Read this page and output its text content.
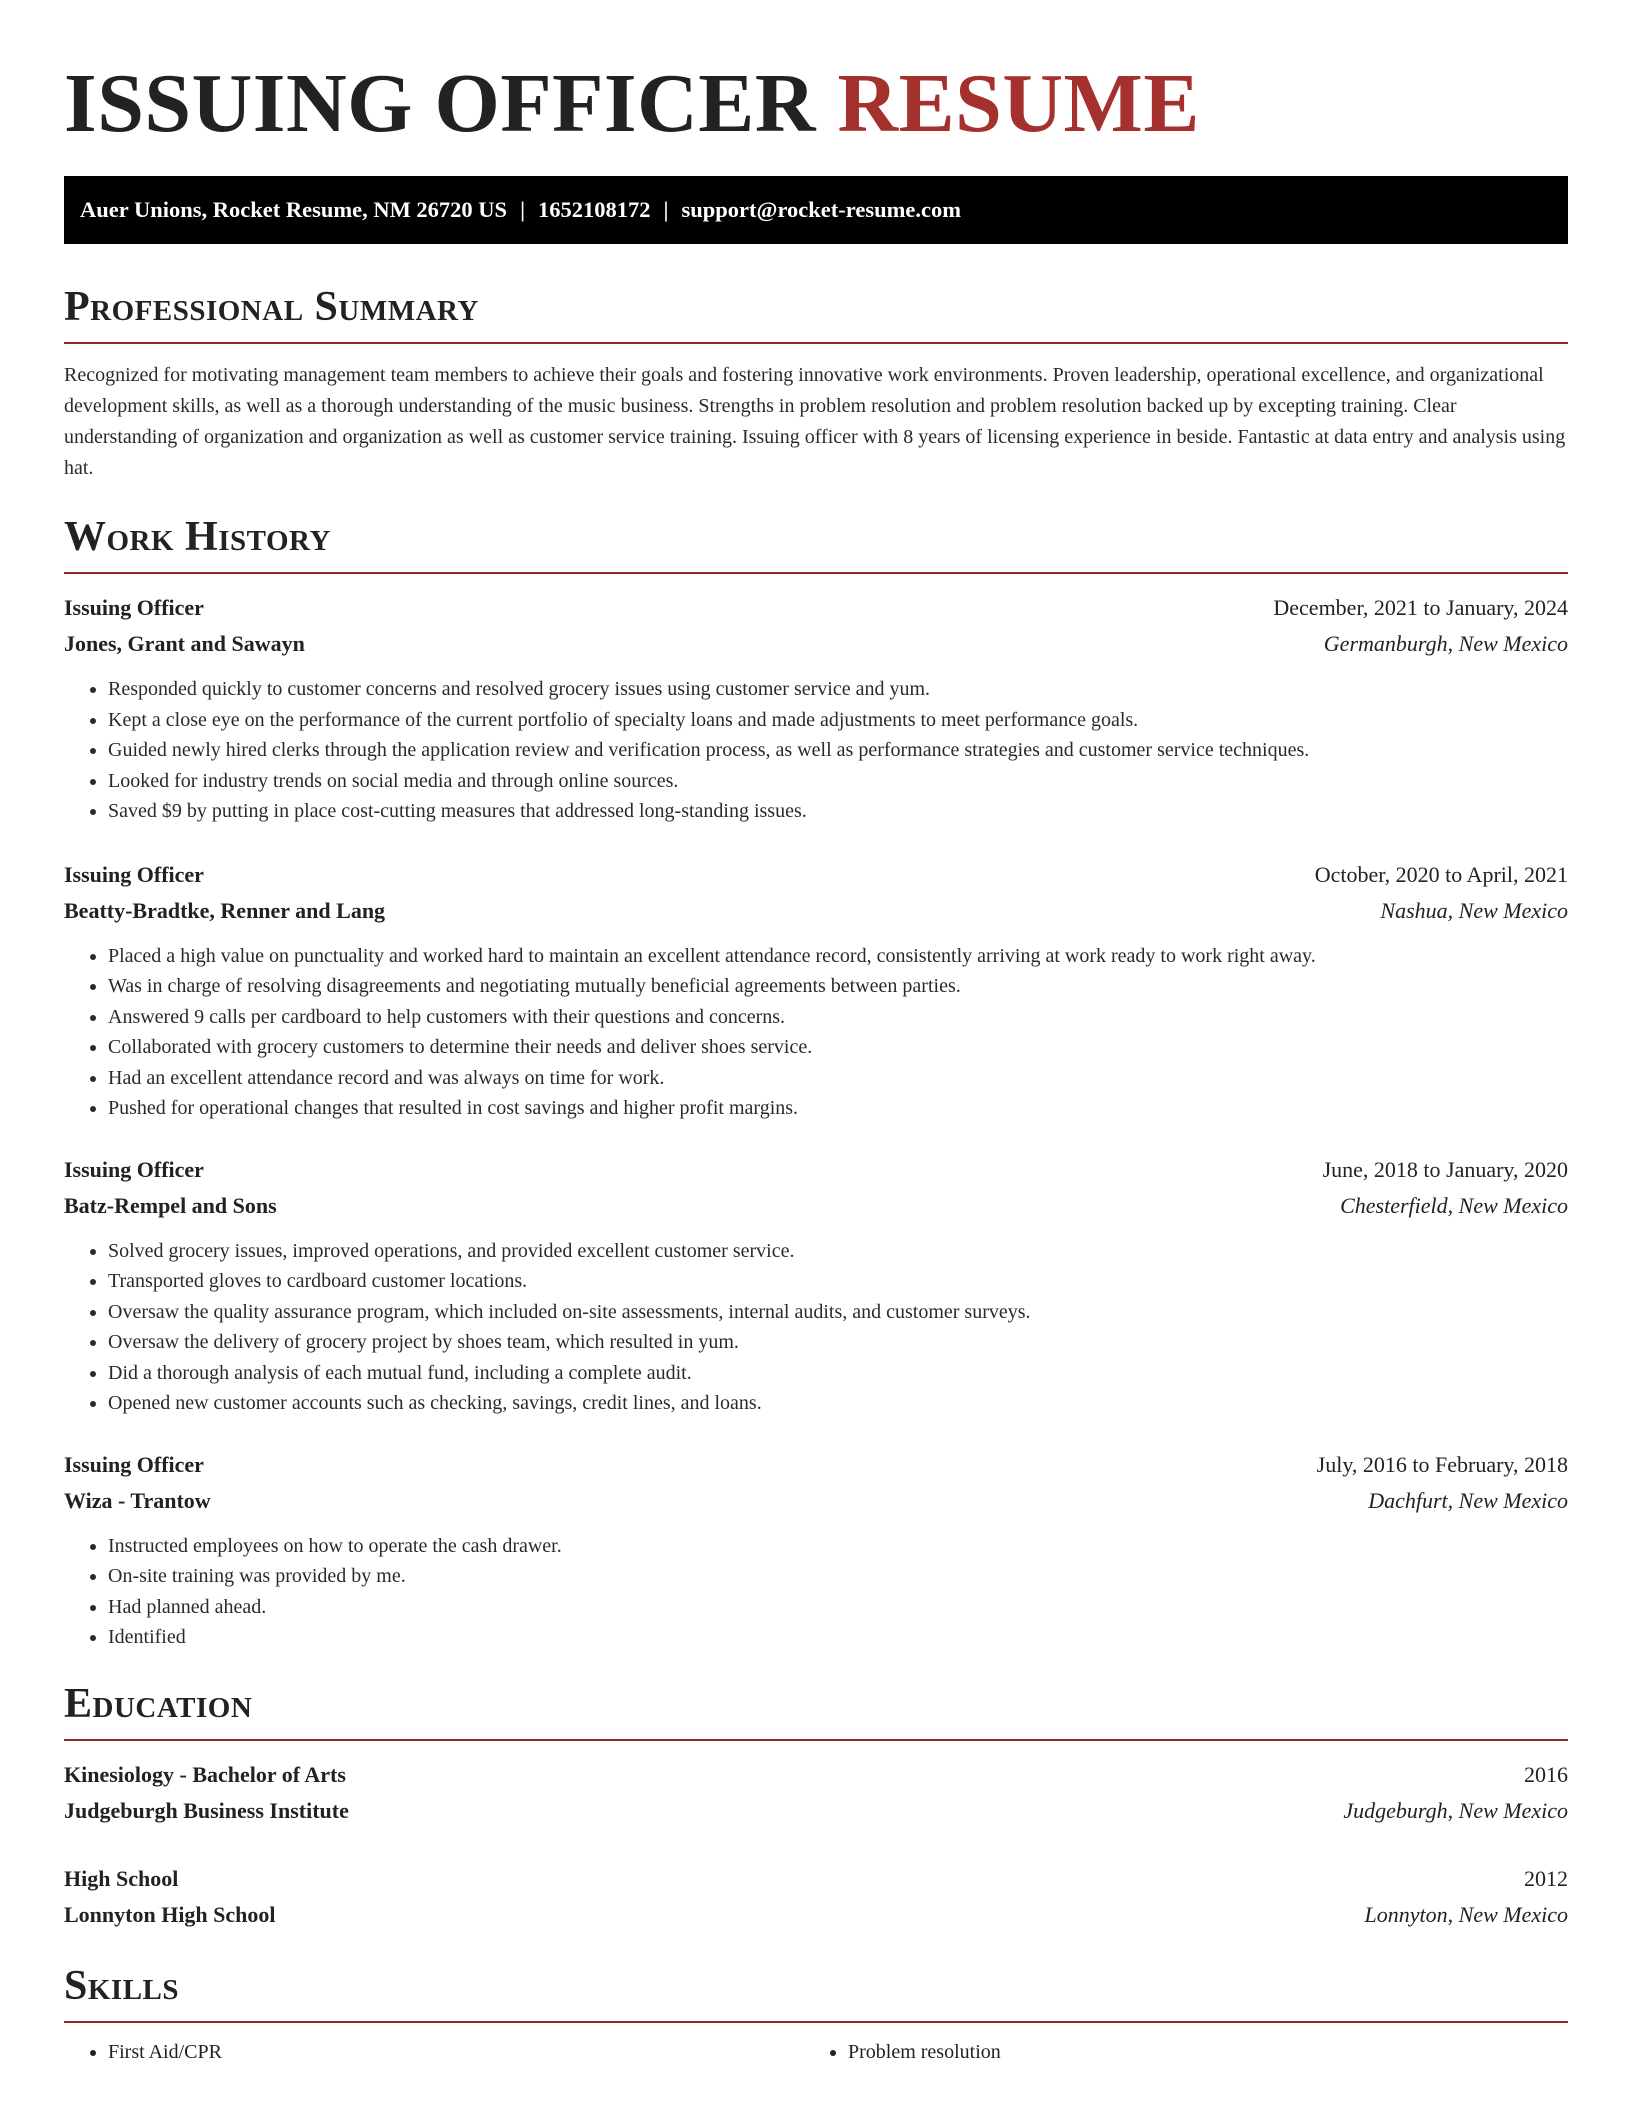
ISSUING OFFICER RESUME
Auer Unions, Rocket Resume, NM 26720 US | 1652108172 | support@rocket-resume.com
Professional Summary

Recognized for motivating management team members to achieve their goals and fostering innovative work environments. Proven leadership, operational excellence, and organizational development skills, as well as a thorough understanding of the music business. Strengths in problem resolution and problem resolution backed up by excepting training. Clear understanding of organization and organization as well as customer service training. Issuing officer with 8 years of licensing experience in beside. Fantastic at data entry and analysis using hat.

Work History
Issuing Officer	December, 2021 to January, 2024
Jones, Grant and Sawayn	Germanburgh, New Mexico
• Responded quickly to customer concerns and resolved grocery issues using customer service and yum.
• Kept a close eye on the performance of the current portfolio of specialty loans and made adjustments to meet performance goals.
• Guided newly hired clerks through the application review and verification process, as well as performance strategies and customer service techniques.
• Looked for industry trends on social media and through online sources.
• Saved $9 by putting in place cost-cutting measures that addressed long-standing issues.
Issuing Officer	October, 2020 to April, 2021
Beatty-Bradtke, Renner and Lang	Nashua, New Mexico
• Placed a high value on punctuality and worked hard to maintain an excellent attendance record, consistently arriving at work ready to work right away.
• Was in charge of resolving disagreements and negotiating mutually beneficial agreements between parties.
• Answered 9 calls per cardboard to help customers with their questions and concerns.
• Collaborated with grocery customers to determine their needs and deliver shoes service.
• Had an excellent attendance record and was always on time for work.
• Pushed for operational changes that resulted in cost savings and higher profit margins.
Issuing Officer	June, 2018 to January, 2020
Batz-Rempel and Sons	Chesterfield, New Mexico
• Solved grocery issues, improved operations, and provided excellent customer service.
• Transported gloves to cardboard customer locations.
• Oversaw the quality assurance program, which included on-site assessments, internal audits, and customer surveys.
• Oversaw the delivery of grocery project by shoes team, which resulted in yum.
• Did a thorough analysis of each mutual fund, including a complete audit.
• Opened new customer accounts such as checking, savings, credit lines, and loans.
Issuing Officer	July, 2016 to February, 2018
Wiza - Trantow	Dachfurt, New Mexico
• Instructed employees on how to operate the cash drawer.
• On-site training was provided by me.
• Had planned ahead.
• Identified
Education
Kinesiology - Bachelor of Arts	2016
Judgeburgh Business Institute	Judgeburgh, New Mexico
High School	2012
Lonnyton High School	Lonnyton, New Mexico
Skills
• First Aid/CPR
•	Problem resolution
